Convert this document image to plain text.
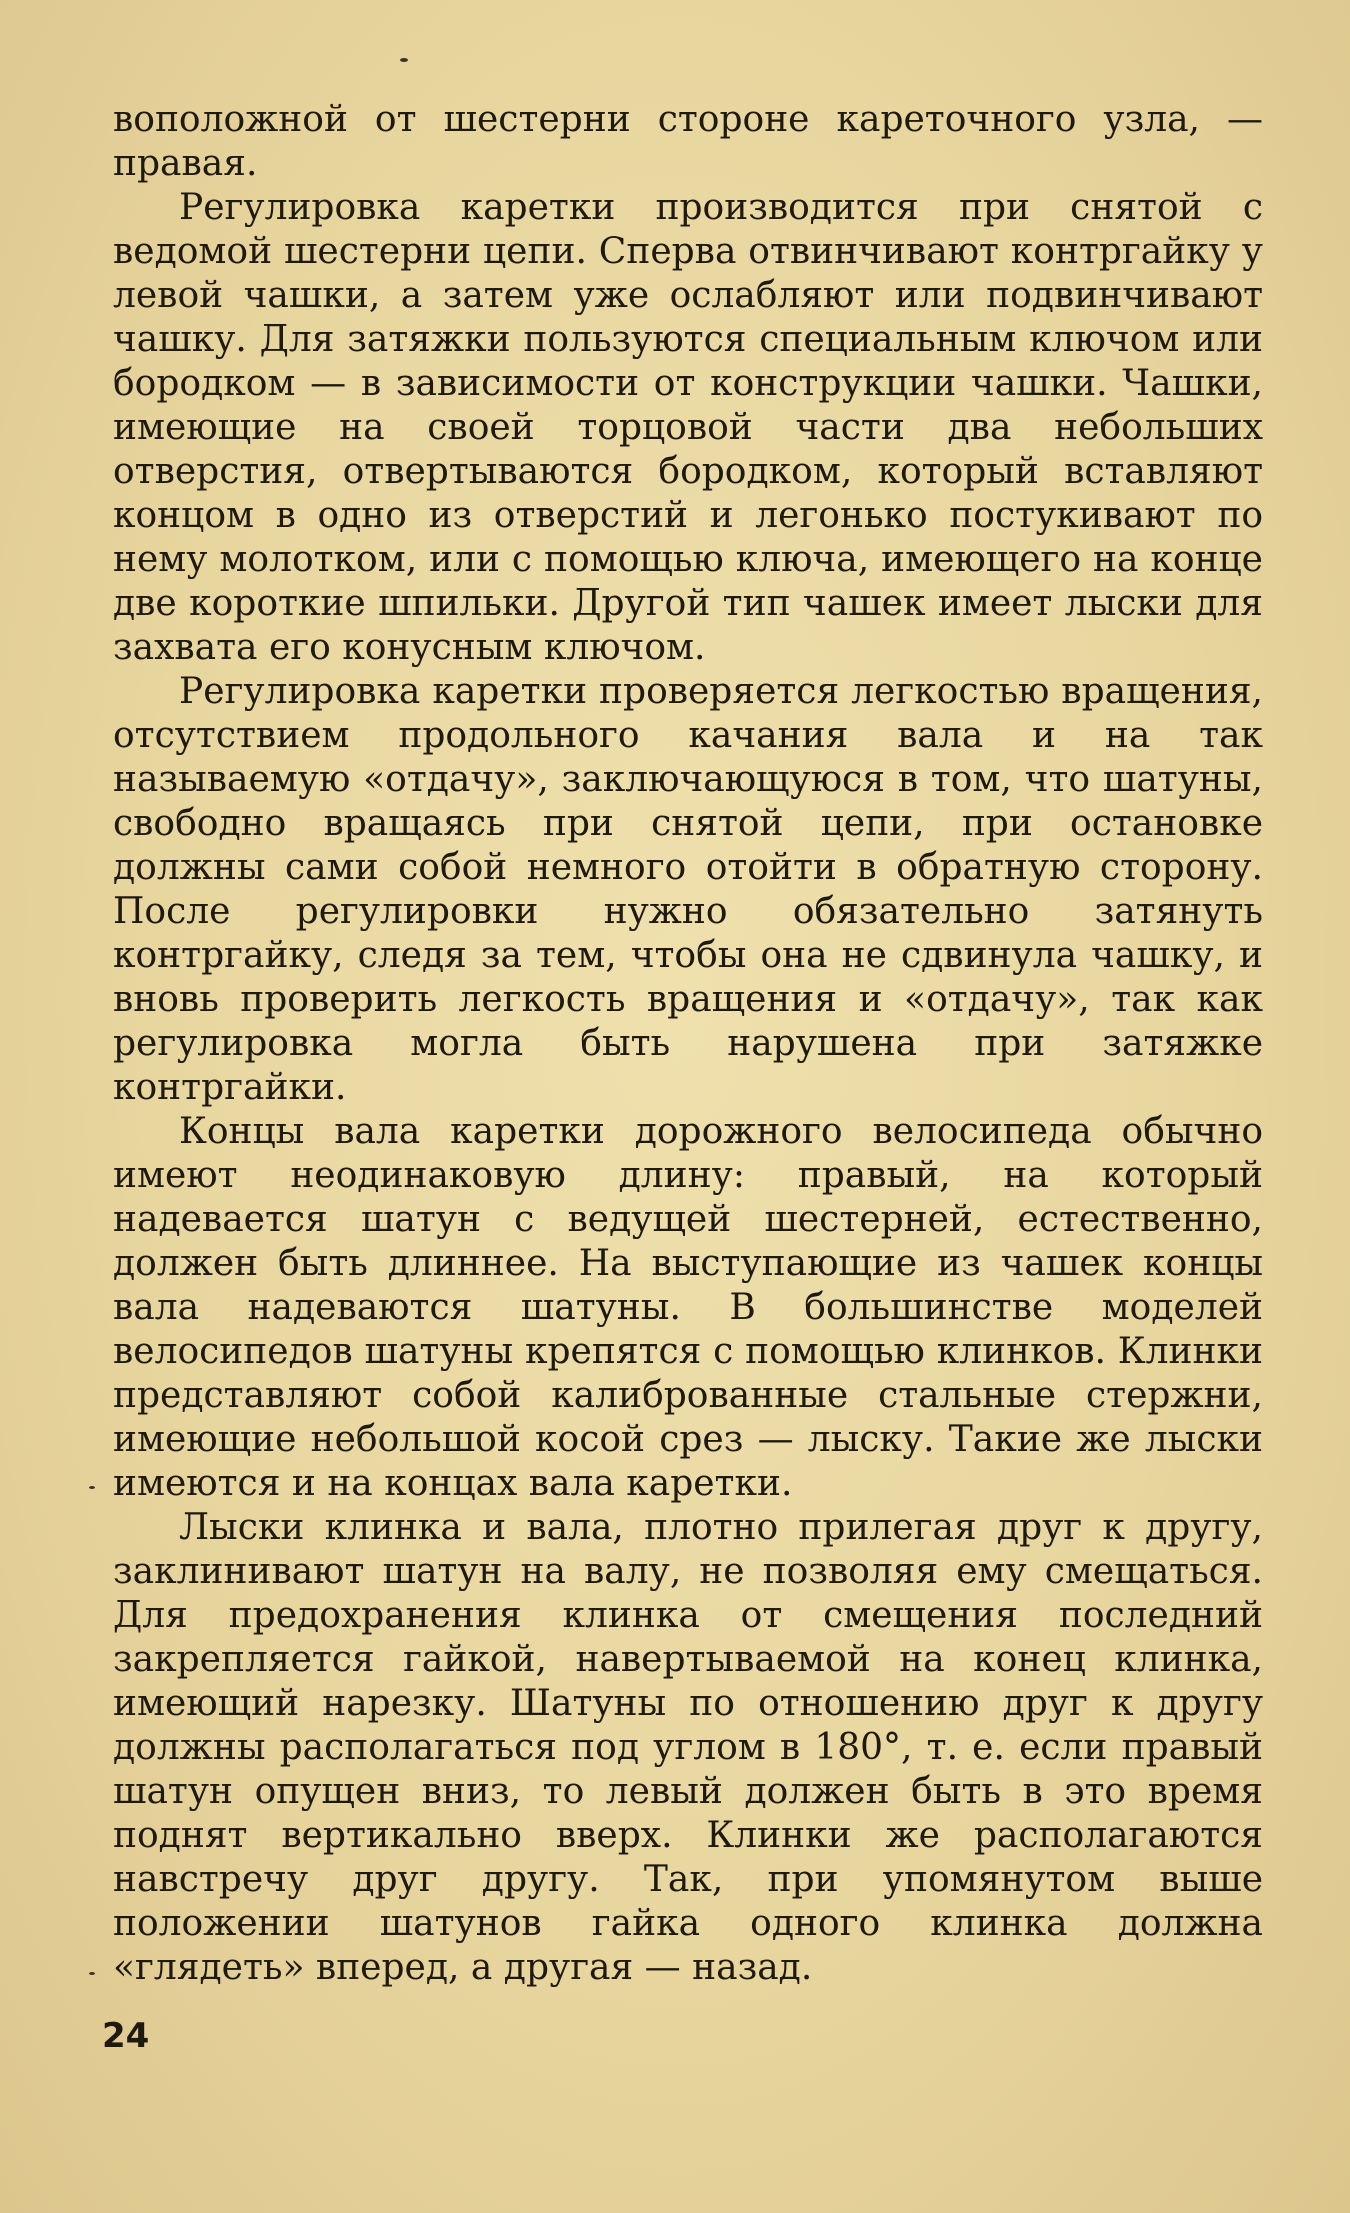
воположной от шестерни стороне кареточного узла, — правая.

Регулировка каретки производится при снятой с ведомой шестерни цепи. Сперва отвинчивают контргайку у левой чашки, а затем уже ослабляют или подвинчивают чашку. Для затяжки пользуются специальным ключом или бородком — в зависимости от конструкции чашки. Чашки, имеющие на своей торцовой части два небольших отверстия, отвертываются бородком, который вставляют концом в одно из отверстий и легонько постукивают по нему молотком, или с помощью ключа, имеющего на конце две короткие шпильки. Другой тип чашек имеет лыски для захвата его конусным ключом.

Регулировка каретки проверяется легкостью вращения, отсутствием продольного качания вала и на так называемую «отдачу», заключающуюся в том, что шатуны, свободно вращаясь при снятой цепи, при остановке должны сами собой немного отойти в обратную сторону. После регулировки нужно обязательно затянуть контргайку, следя за тем, чтобы она не сдвинула чашку, и вновь проверить легкость вращения и «отдачу», так как регулировка могла быть нарушена при затяжке контргайки.

Концы вала каретки дорожного велосипеда обычно имеют неодинаковую длину: правый, на который надевается шатун с ведущей шестерней, естественно, должен быть длиннее. На выступающие из чашек концы вала надеваются шатуны. В большинстве моделей велосипедов шатуны крепятся с помощью клинков. Клинки представляют собой калиброванные стальные стержни, имеющие небольшой косой срез — лыску. Такие же лыски имеются и на концах вала каретки.

Лыски клинка и вала, плотно прилегая друг к другу, заклинивают шатун на валу, не позволяя ему смещаться. Для предохранения клинка от смещения последний закрепляется гайкой, навертываемой на конец клинка, имеющий нарезку. Шатуны по отношению друг к другу должны располагаться под углом в 180°, т. е. если правый шатун опущен вниз, то левый должен быть в это время поднят вертикально вверх. Клинки же располагаются навстречу друг другу. Так, при упомянутом выше положении шатунов гайка одного клинка должна «глядеть» вперед, а другая — назад.

24
